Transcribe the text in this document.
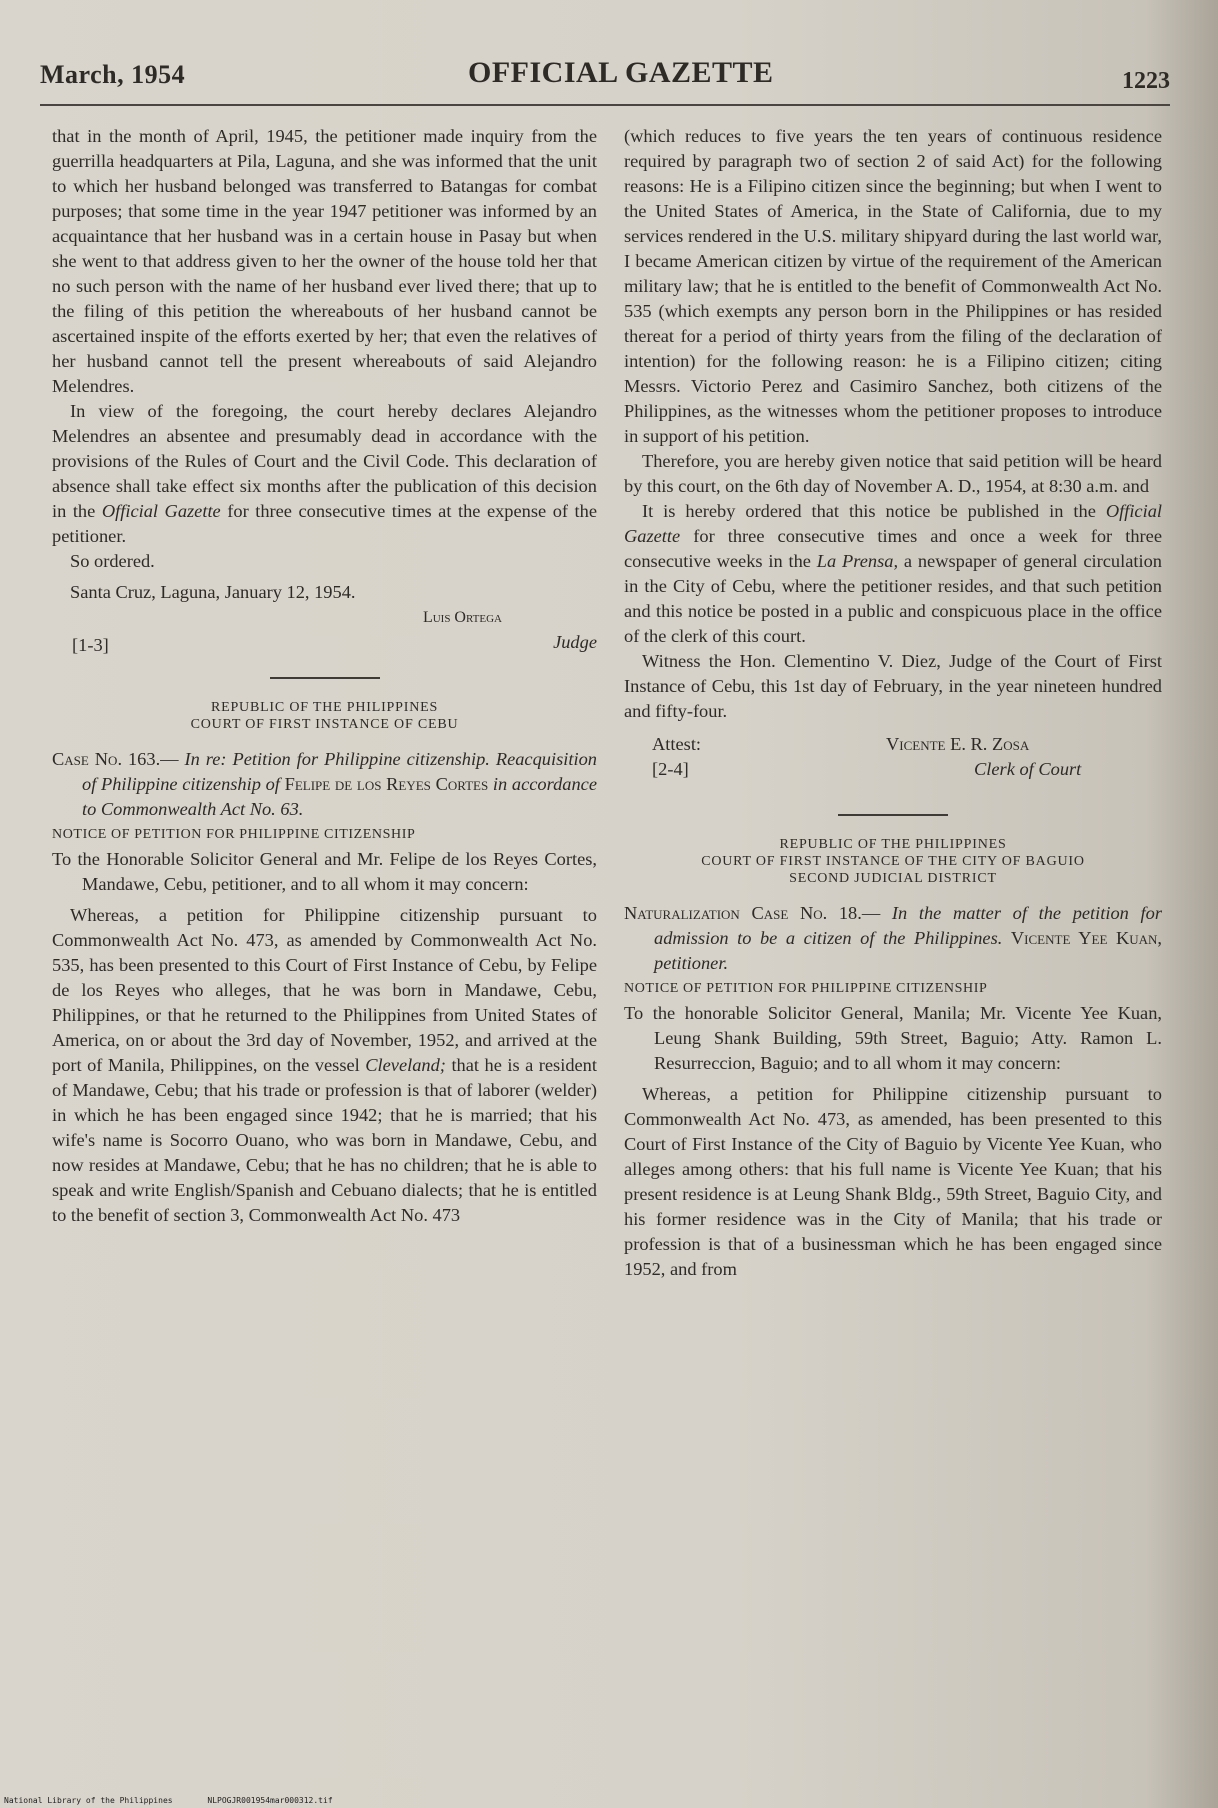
March, 1954	OFFICIAL GAZETTE	1223

that in the month of April, 1945, the petitioner made inquiry from the guerrilla headquarters at Pila, Laguna, and she was informed that the unit to which her husband belonged was transferred to Batangas for combat purposes; that some time in the year 1947 petitioner was informed by an acquaintance that her husband was in a certain house in Pasay but when she went to that address given to her the owner of the house told her that no such person with the name of her husband ever lived there; that up to the filing of this petition the whereabouts of her husband cannot be ascertained inspite of the efforts exerted by her; that even the relatives of her husband cannot tell the present whereabouts of said Alejandro Melendres.

In view of the foregoing, the court hereby declares Alejandro Melendres an absentee and presumably dead in accordance with the provisions of the Rules of Court and the Civil Code. This declaration of absence shall take effect six months after the publication of this decision in the Official Gazette for three consecutive times at the expense of the petitioner.

So ordered.

Santa Cruz, Laguna, January 12, 1954.

Luis Ortega
Judge
[1-3]
REPUBLIC OF THE PHILIPPINES
COURT OF FIRST INSTANCE OF CEBU

Case No. 163.— In re: Petition for Philippine citizenship. Reacquisition of Philippine citizenship of Felipe de los Reyes Cortes in accordance to Commonwealth Act No. 63.

NOTICE OF PETITION FOR PHILIPPINE CITIZENSHIP

To the Honorable Solicitor General and Mr. Felipe de los Reyes Cortes, Mandawe, Cebu, petitioner, and to all whom it may concern:

Whereas, a petition for Philippine citizenship pursuant to Commonwealth Act No. 473, as amended by Commonwealth Act No. 535, has been presented to this Court of First Instance of Cebu, by Felipe de los Reyes who alleges, that he was born in Mandawe, Cebu, Philippines, or that he returned to the Philippines from United States of America, on or about the 3rd day of November, 1952, and arrived at the port of Manila, Philippines, on the vessel Cleveland; that he is a resident of Mandawe, Cebu; that his trade or profession is that of laborer (welder) in which he has been engaged since 1942; that he is married; that his wife's name is Socorro Ouano, who was born in Mandawe, Cebu, and now resides at Mandawe, Cebu; that he has no children; that he is able to speak and write English/Spanish and Cebuano dialects; that he is entitled to the benefit of section 3, Commonwealth Act No. 473

(which reduces to five years the ten years of continuous residence required by paragraph two of section 2 of said Act) for the following reasons: He is a Filipino citizen since the beginning; but when I went to the United States of America, in the State of California, due to my services rendered in the U.S. military shipyard during the last world war, I became American citizen by virtue of the requirement of the American military law; that he is entitled to the benefit of Commonwealth Act No. 535 (which exempts any person born in the Philippines or has resided thereat for a period of thirty years from the filing of the declaration of intention) for the following reason: he is a Filipino citizen; citing Messrs. Victorio Perez and Casimiro Sanchez, both citizens of the Philippines, as the witnesses whom the petitioner proposes to introduce in support of his petition.

Therefore, you are hereby given notice that said petition will be heard by this court, on the 6th day of November A. D., 1954, at 8:30 a.m. and

It is hereby ordered that this notice be published in the Official Gazette for three consecutive times and once a week for three consecutive weeks in the La Prensa, a newspaper of general circulation in the City of Cebu, where the petitioner resides, and that such petition and this notice be posted in a public and conspicuous place in the office of the clerk of this court.

Witness the Hon. Clementino V. Diez, Judge of the Court of First Instance of Cebu, this 1st day of February, in the year nineteen hundred and fifty-four.

Attest:
[2-4]
Vicente E. R. Zosa
Clerk of Court
REPUBLIC OF THE PHILIPPINES
COURT OF FIRST INSTANCE OF THE CITY OF BAGUIO
SECOND JUDICIAL DISTRICT

Naturalization Case No. 18.— In the matter of the petition for admission to be a citizen of the Philippines. Vicente Yee Kuan, petitioner.

NOTICE OF PETITION FOR PHILIPPINE CITIZENSHIP

To the honorable Solicitor General, Manila; Mr. Vicente Yee Kuan, Leung Shank Building, 59th Street, Baguio; Atty. Ramon L. Resurreccion, Baguio; and to all whom it may concern:

Whereas, a petition for Philippine citizenship pursuant to Commonwealth Act No. 473, as amended, has been presented to this Court of First Instance of the City of Baguio by Vicente Yee Kuan, who alleges among others: that his full name is Vicente Yee Kuan; that his present residence is at Leung Shank Bldg., 59th Street, Baguio City, and his former residence was in the City of Manila; that his trade or profession is that of a businessman which he has been engaged since 1952, and from

National Library of the Philippines	NLPOGJR001954mar000312.tif
